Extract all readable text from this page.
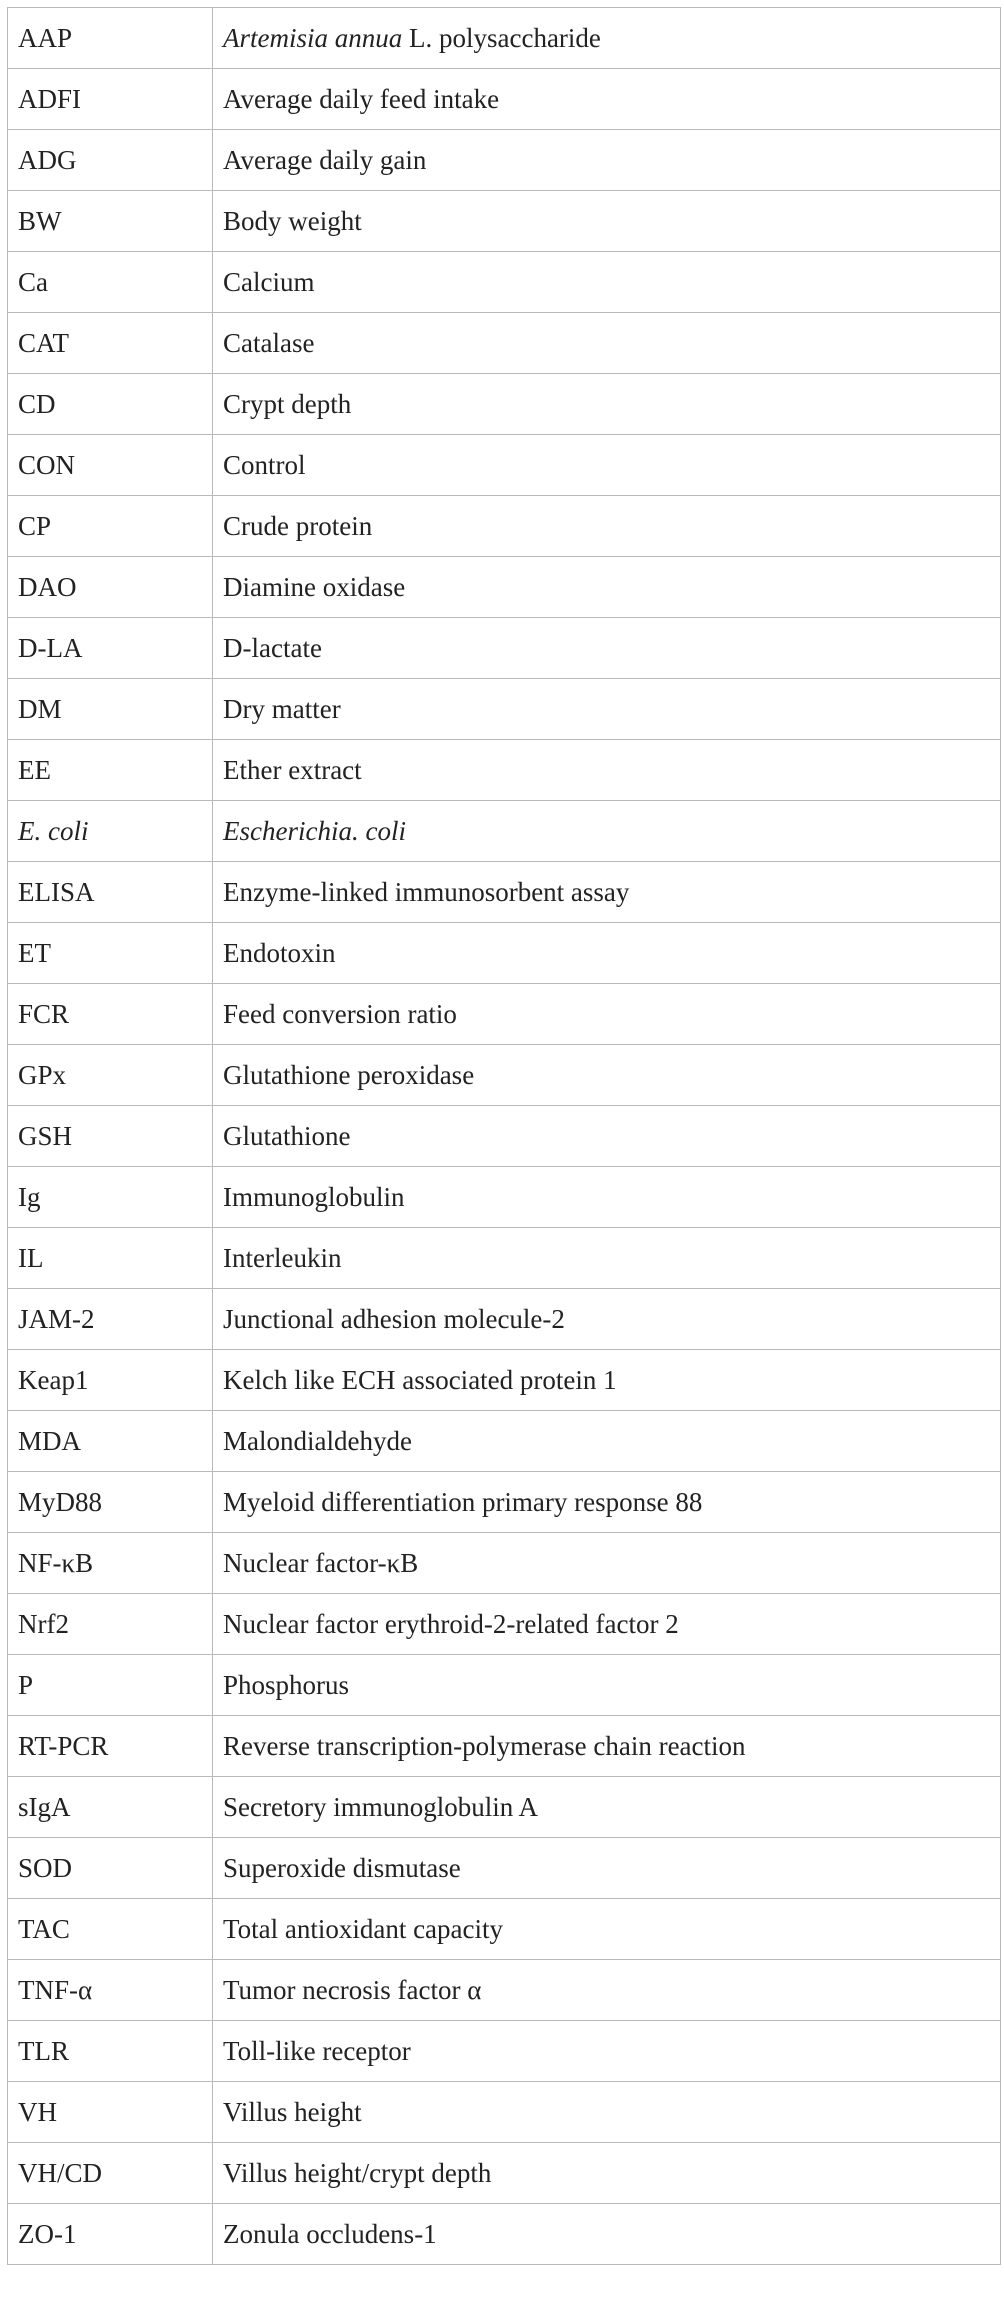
AAP	Artemisia annua L. polysaccharide
ADFI	Average daily feed intake
ADG	Average daily gain
BW	Body weight
Ca	Calcium
CAT	Catalase
CD	Crypt depth
CON	Control
CP	Crude protein
DAO	Diamine oxidase
D-LA	D-lactate
DM	Dry matter
EE	Ether extract
E. coli	Escherichia. coli
ELISA	Enzyme-linked immunosorbent assay
ET	Endotoxin
FCR	Feed conversion ratio
GPx	Glutathione peroxidase
GSH	Glutathione
Ig	Immunoglobulin
IL	Interleukin
JAM-2	Junctional adhesion molecule-2
Keap1	Kelch like ECH associated protein 1
MDA	Malondialdehyde
MyD88	Myeloid differentiation primary response 88
NF-κB	Nuclear factor-κB
Nrf2	Nuclear factor erythroid-2-related factor 2
P	Phosphorus
RT-PCR	Reverse transcription-polymerase chain reaction
sIgA	Secretory immunoglobulin A
SOD	Superoxide dismutase
TAC	Total antioxidant capacity
TNF-α	Tumor necrosis factor α
TLR	Toll-like receptor
VH	Villus height
VH/CD	Villus height/crypt depth
ZO-1	Zonula occludens-1
